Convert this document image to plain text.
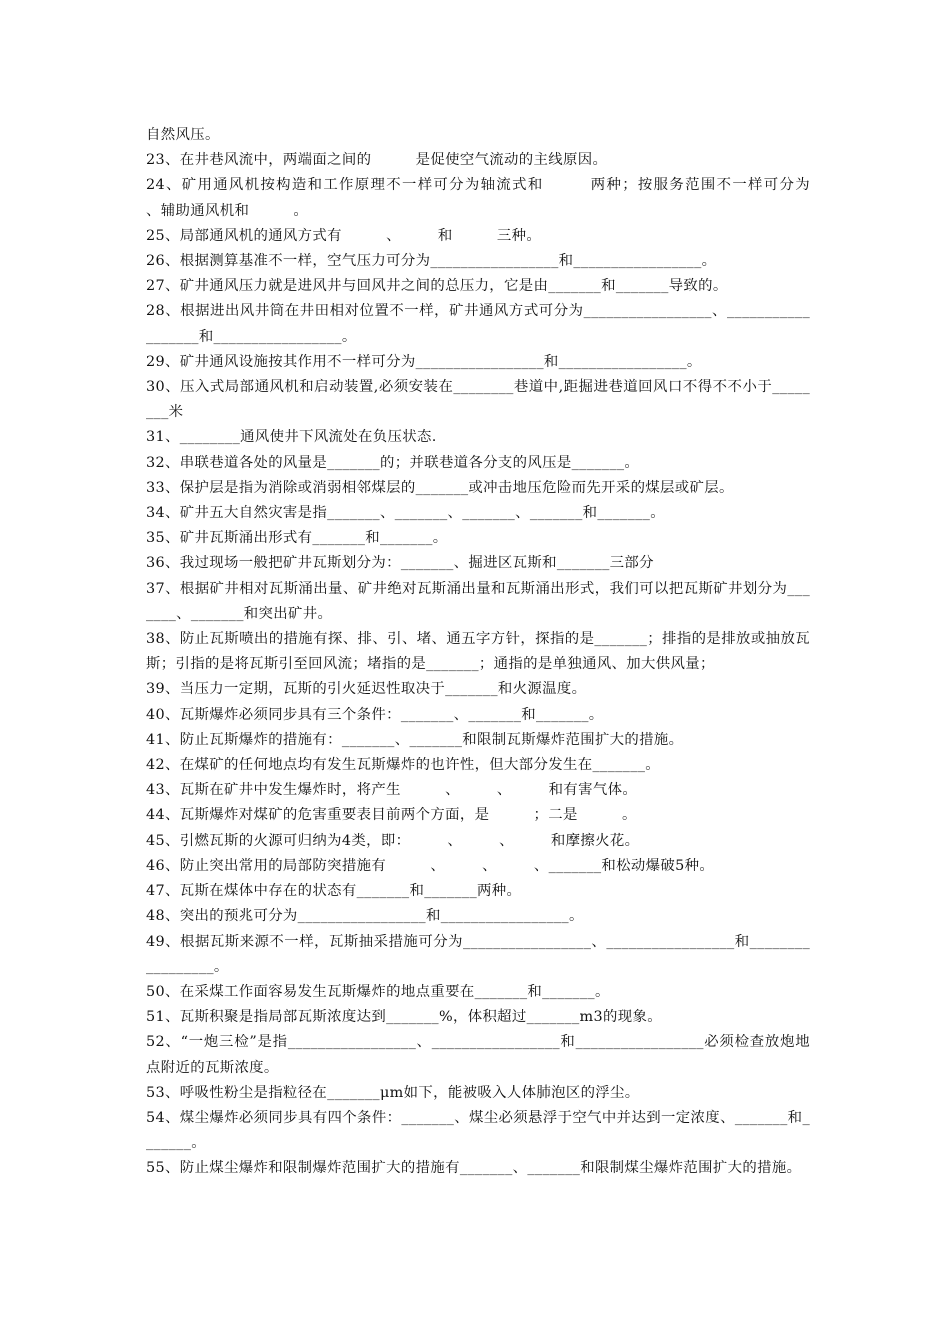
自然风压。

23、在井巷风流中，两端面之间的　　　是促使空气流动的主线原因。

24、矿用通风机按构造和工作原理不一样可分为轴流式和　　　两种；按服务范围不一样可分为　　　、辅助通风机和　　　。

25、局部通风机的通风方式有　　　、　　　和　　　三种。

26、根据测算基准不一样，空气压力可分为_________________和_________________。

27、矿井通风压力就是进风井与回风井之间的总压力，它是由_______和_______导致的。

28、根据进出风井筒在井田相对位置不一样，矿井通风方式可分为_________________、__________________和_________________。

29、矿井通风设施按其作用不一样可分为_________________和_________________。

30、压入式局部通风机和启动装置,必须安装在________巷道中,距掘进巷道回风口不得不不小于________米

31、________通风使井下风流处在负压状态.

32、串联巷道各处的风量是_______的；并联巷道各分支的风压是_______。

33、保护层是指为消除或消弱相邻煤层的_______或冲击地压危险而先开采的煤层或矿层。

34、矿井五大自然灾害是指_______、_______、_______、_______和_______。

35、矿井瓦斯涌出形式有_______和_______。

36、我过现场一般把矿井瓦斯划分为：_______、掘进区瓦斯和_______三部分

37、根据矿井相对瓦斯涌出量、矿井绝对瓦斯涌出量和瓦斯涌出形式，我们可以把瓦斯矿井划分为_______、_______和突出矿井。

38、防止瓦斯喷出的措施有探、排、引、堵、通五字方针，探指的是_______；排指的是排放或抽放瓦斯；引指的是将瓦斯引至回风流；堵指的是_______；通指的是单独通风、加大供风量；

39、当压力一定期，瓦斯的引火延迟性取决于_______和火源温度。

40、瓦斯爆炸必须同步具有三个条件：_______、_______和_______。

41、防止瓦斯爆炸的措施有：_______、_______和限制瓦斯爆炸范围扩大的措施。

42、在煤矿的任何地点均有发生瓦斯爆炸的也许性，但大部分发生在_______。

43、瓦斯在矿井中发生爆炸时，将产生　　　、　　　、　　　和有害气体。

44、瓦斯爆炸对煤矿的危害重要表目前两个方面，是　　　；二是　　　。

45、引燃瓦斯的火源可归纳为4类，即：　　　、　　　、　　　和摩擦火花。

46、防止突出常用的局部防突措施有　　　、　　　、　　　、_______和松动爆破5种。

47、瓦斯在煤体中存在的状态有_______和_______两种。

48、突出的预兆可分为_________________和_________________。

49、根据瓦斯来源不一样，瓦斯抽采措施可分为_________________、_________________和_________________。

50、在采煤工作面容易发生瓦斯爆炸的地点重要在_______和_______。

51、瓦斯积聚是指局部瓦斯浓度达到_______%，体积超过_______m3的现象。

52、“一炮三检”是指_________________、_________________和_________________必须检查放炮地点附近的瓦斯浓度。

53、呼吸性粉尘是指粒径在_______μm如下，能被吸入人体肺泡区的浮尘。

54、煤尘爆炸必须同步具有四个条件：_______、煤尘必须悬浮于空气中并达到一定浓度、_______和_______。

55、防止煤尘爆炸和限制爆炸范围扩大的措施有_______、_______和限制煤尘爆炸范围扩大的措施。
